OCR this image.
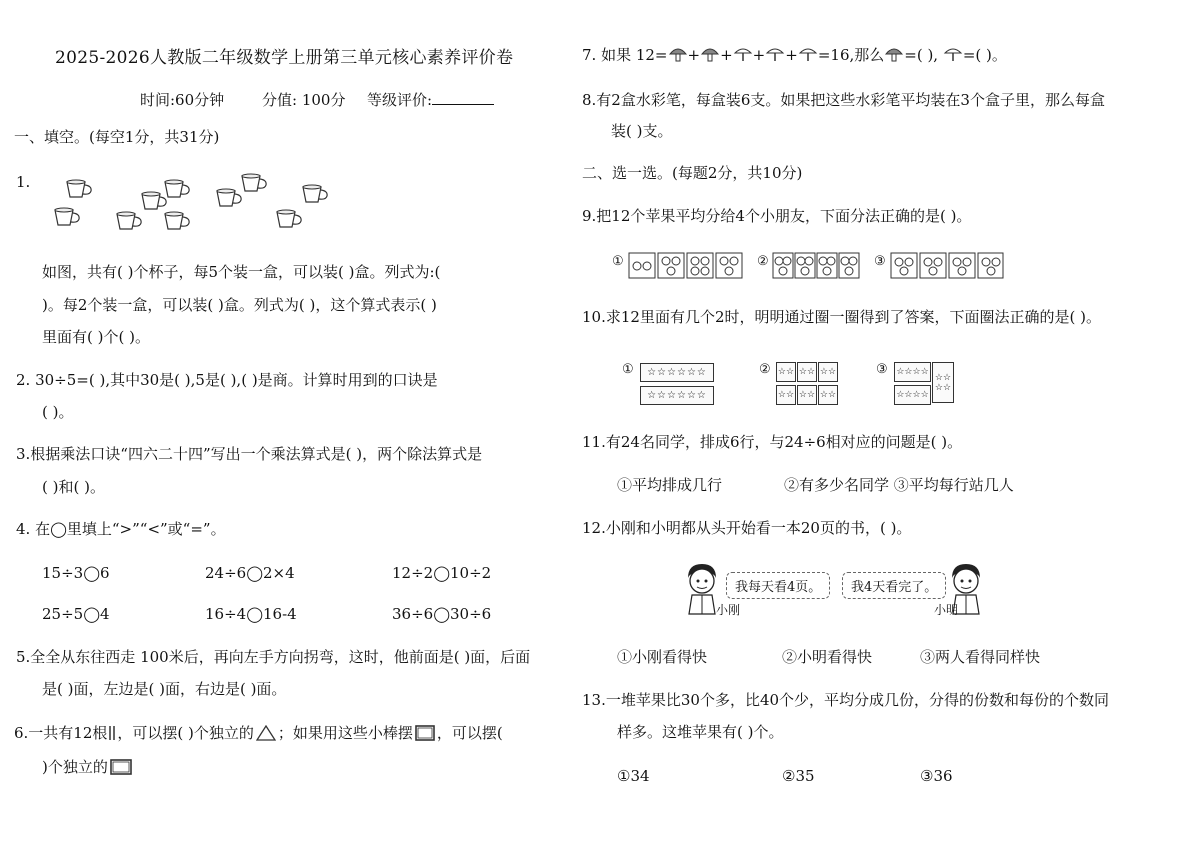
2025-2026人教版二年级数学上册第三单元核心素养评价卷
时间:60分钟	分值: 100分 等级评价:
一、填空。(每空1分，共31分)
1.
如图，共有( )个杯子，每5个装一盒，可以装( )盒。列式为:(
)。每2个装一盒，可以装( )盒。列式为( )，这个算式表示( )
里面有( )个( )。
2. 30÷5=( ),其中30是( ),5是( ),( )是商。计算时用到的口诀是
( )。
3.根据乘法口诀“四六二十四”写出一个乘法算式是( )，两个除法算式是
( )和( )。
4. 在◯里填上“>”“<”或“=”。
15÷3◯6	24÷6◯2×4	12÷2◯10÷2
25÷5◯4	16÷4◯16-4	36÷6◯30÷6
5.全全从东往西走 100米后，再向左手方向拐弯，这时，他前面是( )面，后面
是( )面，左边是( )面，右边是( )面。
6.一共有12根 ，可以摆( )个独立的 ；如果用这些小棒摆 ，可以摆(
)个独立的
7. 如果 12= + + + + =16,那么 =( ), =( )。
8.有2盒水彩笔，每盒装6支。如果把这些水彩笔平均装在3个盒子里，那么每盒
装( )支。
二、选一选。(每题2分，共10分)
9.把12个苹果平均分给4个小朋友，下面分法正确的是( )。
①	②	③
10.求12里面有几个2时，明明通过圈一圈得到了答案，下面圈法正确的是( )。
①	②	③
☆☆☆☆☆☆
☆☆☆☆☆☆
☆☆ ☆☆ ☆☆
☆☆ ☆☆ ☆☆
☆☆☆☆
☆☆☆☆
☆☆
☆☆
11.有24名同学，排成6行，与24÷6相对应的问题是( )。
①平均排成几行	②有多少名同学 ③平均每行站几人
12.小刚和小明都从头开始看一本20页的书，( )。
小刚
我每天看4页。	我4天看完了。
小明
①小刚看得快	②小明看得快	③两人看得同样快
13.一堆苹果比30个多，比40个少，平均分成几份，分得的份数和每份的个数同
样多。这堆苹果有( )个。
①34	②35	③36
